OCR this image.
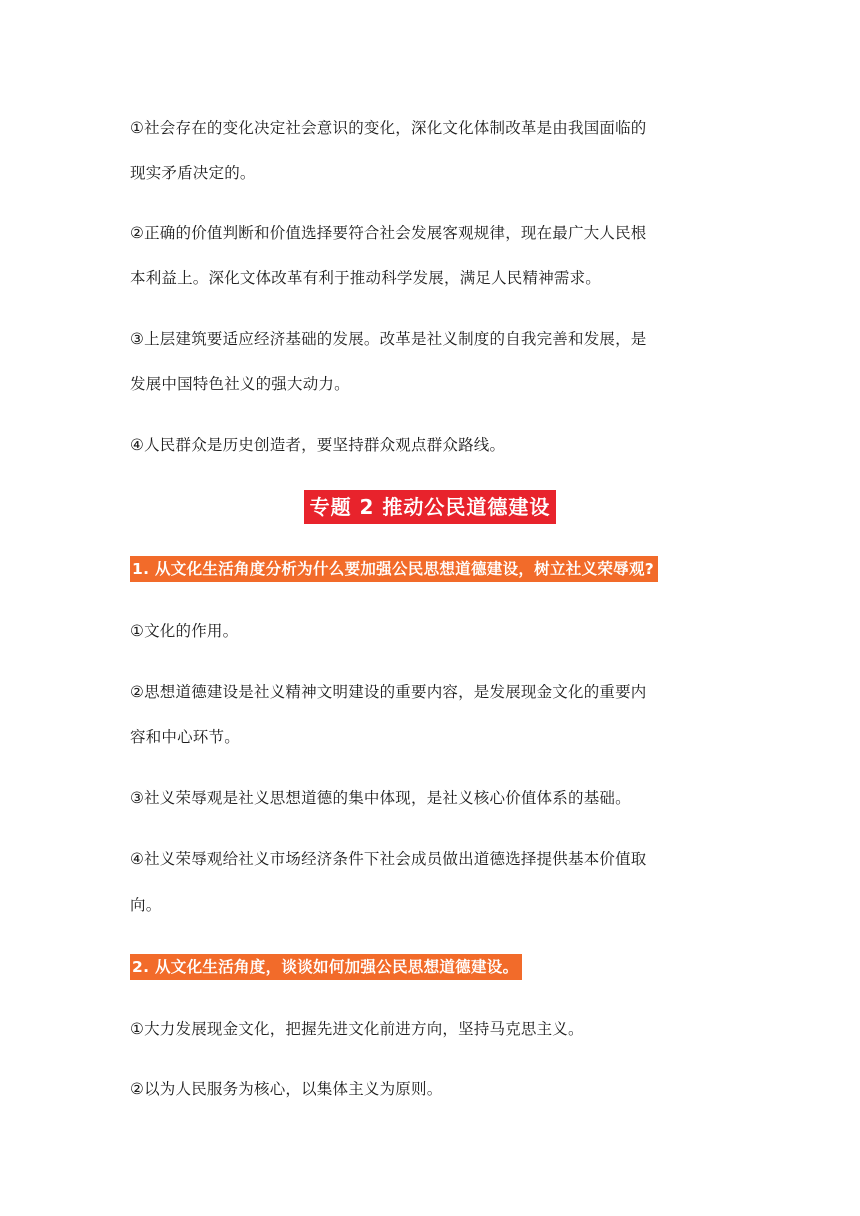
①社会存在的变化决定社会意识的变化，深化文化体制改革是由我国面临的
现实矛盾决定的。
②正确的价值判断和价值选择要符合社会发展客观规律，现在最广大人民根
本利益上。深化文体改革有利于推动科学发展，满足人民精神需求。
③上层建筑要适应经济基础的发展。改革是社义制度的自我完善和发展，是
发展中国特色社义的强大动力。
④人民群众是历史创造者，要坚持群众观点群众路线。
专题 2 推动公民道德建设
1. 从文化生活角度分析为什么要加强公民思想道德建设，树立社义荣辱观?
①文化的作用。
②思想道德建设是社义精神文明建设的重要内容，是发展现金文化的重要内
容和中心环节。
③社义荣辱观是社义思想道德的集中体现，是社义核心价值体系的基础。
④社义荣辱观给社义市场经济条件下社会成员做出道德选择提供基本价值取
向。
2. 从文化生活角度，谈谈如何加强公民思想道德建设。
①大力发展现金文化，把握先进文化前进方向，坚持马克思主义。
②以为人民服务为核心，以集体主义为原则。
